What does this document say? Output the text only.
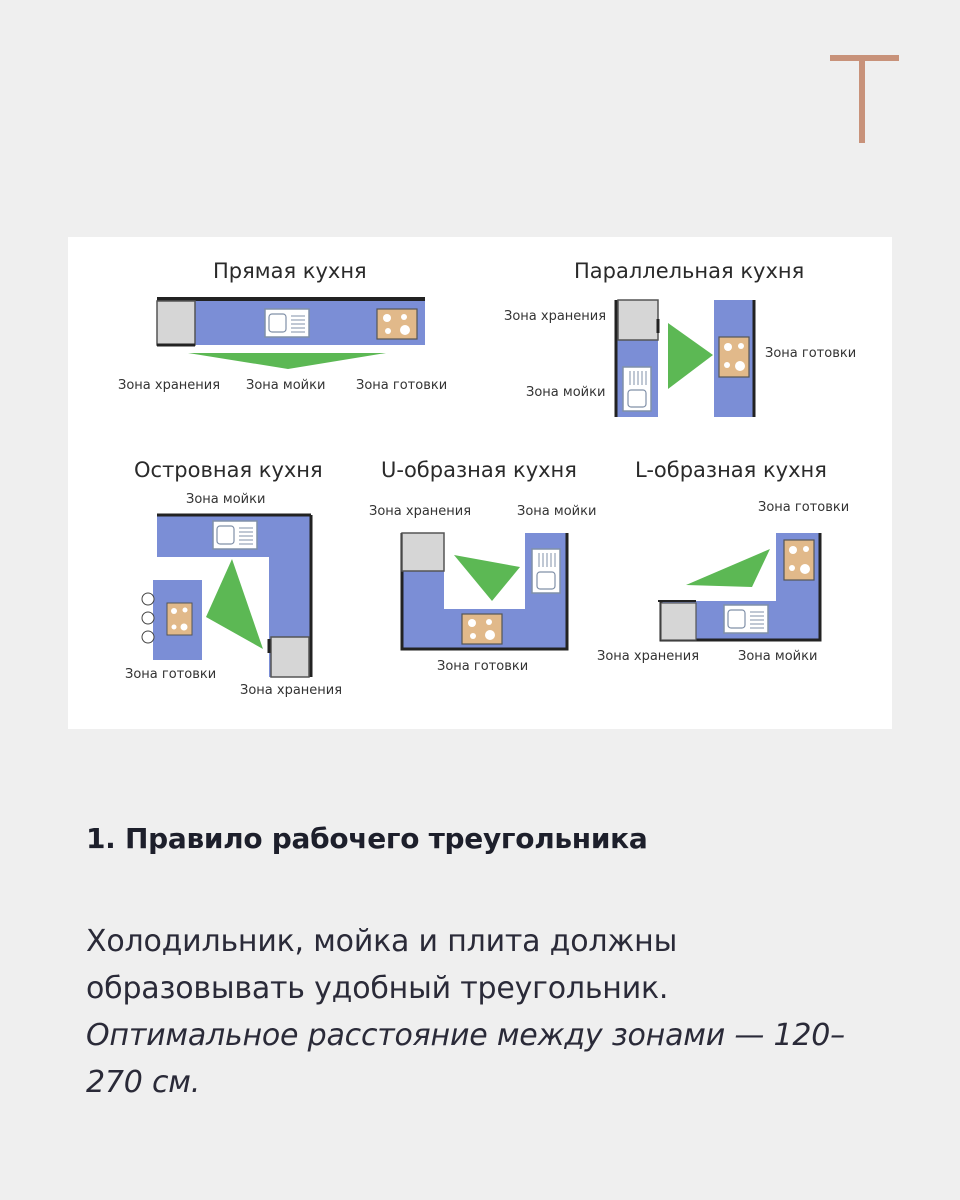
Прямая кухня	Параллельная кухня
Островная кухня	U-образная кухня	L-образная кухня
Зона хранения Зона мойки Зона готовки
Зона хранения
Зона мойки
Зона готовки
Зона мойки
Зона готовки
Зона хранения
Зона хранения	Зона мойки
Зона готовки
Зона готовки
Зона хранения	Зона мойки
1. Правило рабочего треугольника

Холодильник, мойка и плита должны образовывать удобный треугольник. Оптимальное расстояние между зонами — 120–270 см.
